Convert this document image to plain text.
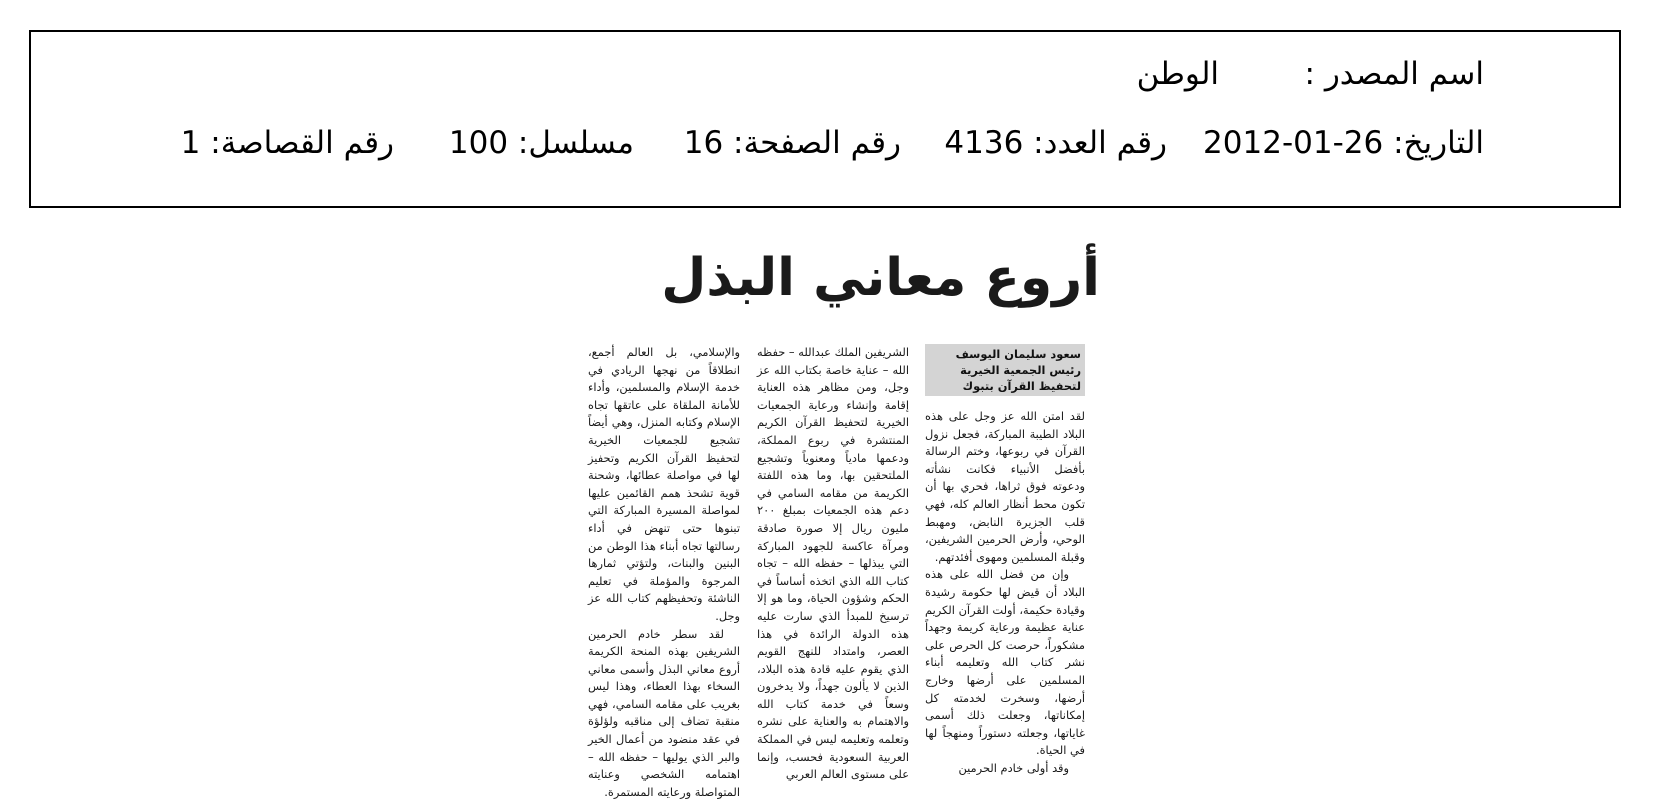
اسم المصدر :
الوطن
التاريخ: 26-01-2012
رقم العدد: 4136
رقم الصفحة: 16
مسلسل: 100
رقم القصاصة: 1
أروع معاني البذل
سعود سليمان اليوسف
رئيس الجمعية الخيرية
لتحفيظ القرآن بتبوك

لقد امتن الله عز وجل على هذه البلاد الطيبة المباركة، فجعل نزول القرآن في ربوعها، وختم الرسالة بأفضل الأنبياء فكانت نشأته ودعوته فوق ثراها، فحري بها أن تكون محط أنظار العالم كله، فهي قلب الجزيرة النابض، ومهبط الوحي، وأرض الحرمين الشريفين، وقبلة المسلمين ومهوى أفئدتهم.

وإن من فضل الله على هذه البلاد أن قيض لها حكومة رشيدة وقيادة حكيمة، أولت القرآن الكريم عناية عظيمة ورعاية كريمة وجهداً مشكوراً، حرصت كل الحرص على نشر كتاب الله وتعليمه أبناء المسلمين على أرضها وخارج أرضها، وسخرت لخدمته كل إمكاناتها، وجعلت ذلك أسمى غاياتها، وجعلته دستوراً ومنهجاً لها في الحياة.

وقد أولى خادم الحرمين

الشريفين الملك عبدالله – حفظه الله – عناية خاصة بكتاب الله عز وجل، ومن مظاهر هذه العناية إقامة وإنشاء ورعاية الجمعيات الخيرية لتحفيظ القرآن الكريم المنتشرة في ربوع المملكة، ودعمها مادياً ومعنوياً وتشجيع الملتحقين بها، وما هذه اللفتة الكريمة من مقامه السامي في دعم هذه الجمعيات بمبلغ ٢٠٠ مليون ريال إلا صورة صادقة ومرآة عاكسة للجهود المباركة التي يبذلها – حفظه الله – تجاه كتاب الله الذي اتخذه أساساً في الحكم وشؤون الحياة، وما هو إلا ترسيخ للمبدأ الذي سارت عليه هذه الدولة الرائدة في هذا العصر، وامتداد للنهج القويم الذي يقوم عليه قادة هذه البلاد، الذين لا يألون جهداً، ولا يدخرون وسعاً في خدمة كتاب الله والاهتمام به والعناية على نشره وتعلمه وتعليمه ليس في المملكة العربية السعودية فحسب، وإنما على مستوى العالم العربي

والإسلامي، بل العالم أجمع، انطلاقاً من نهجها الريادي في خدمة الإسلام والمسلمين، وأداء للأمانة الملقاة على عاتقها تجاه الإسلام وكتابه المنزل، وهي أيضاً تشجيع للجمعيات الخيرية لتحفيظ القرآن الكريم وتحفيز لها في مواصلة عطائها، وشحنة قوية تشحذ همم القائمين عليها لمواصلة المسيرة المباركة التي تبنوها حتى تنهض في أداء رسالتها تجاه أبناء هذا الوطن من البنين والبنات، ولتؤتي ثمارها المرجوة والمؤملة في تعليم الناشئة وتحفيظهم كتاب الله عز وجل.

لقد سطر خادم الحرمين الشريفين بهذه المنحة الكريمة أروع معاني البذل وأسمى معاني السخاء بهذا العطاء، وهذا ليس بغريب على مقامه السامي، فهي منقبة تضاف إلى مناقبه ولؤلؤة في عقد منضود من أعمال الخير والبر الذي يوليها – حفظه الله – اهتمامه الشخصي وعنايته المتواصلة ورعايته المستمرة.
